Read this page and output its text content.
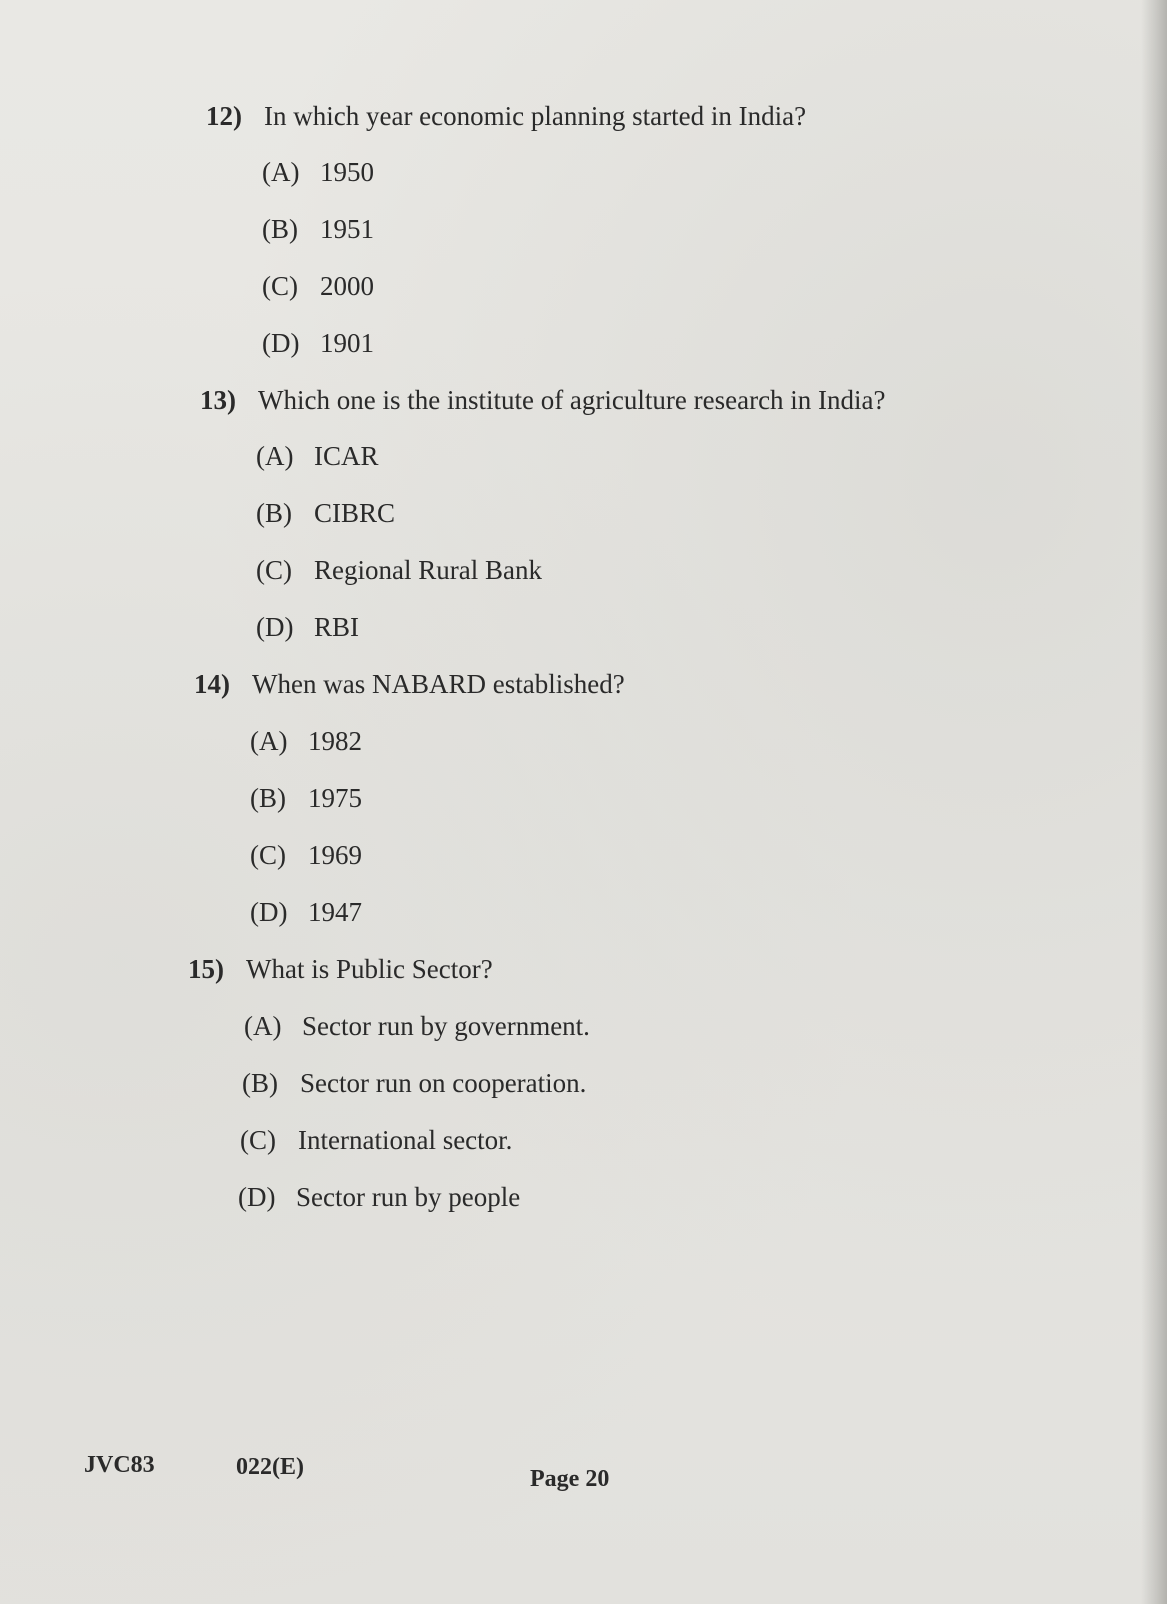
12) In which year economic planning started in India?
(A) 1950
(B) 1951
(C) 2000
(D) 1901
13) Which one is the institute of agriculture research in India?
(A) ICAR
(B) CIBRC
(C) Regional Rural Bank
(D) RBI
14) When was NABARD established?
(A) 1982
(B) 1975
(C) 1969
(D) 1947
15) What is Public Sector?
(A) Sector run by government.
(B) Sector run on cooperation.
(C) International sector.
(D) Sector run by people
JVC83	022(E)	Page 20
